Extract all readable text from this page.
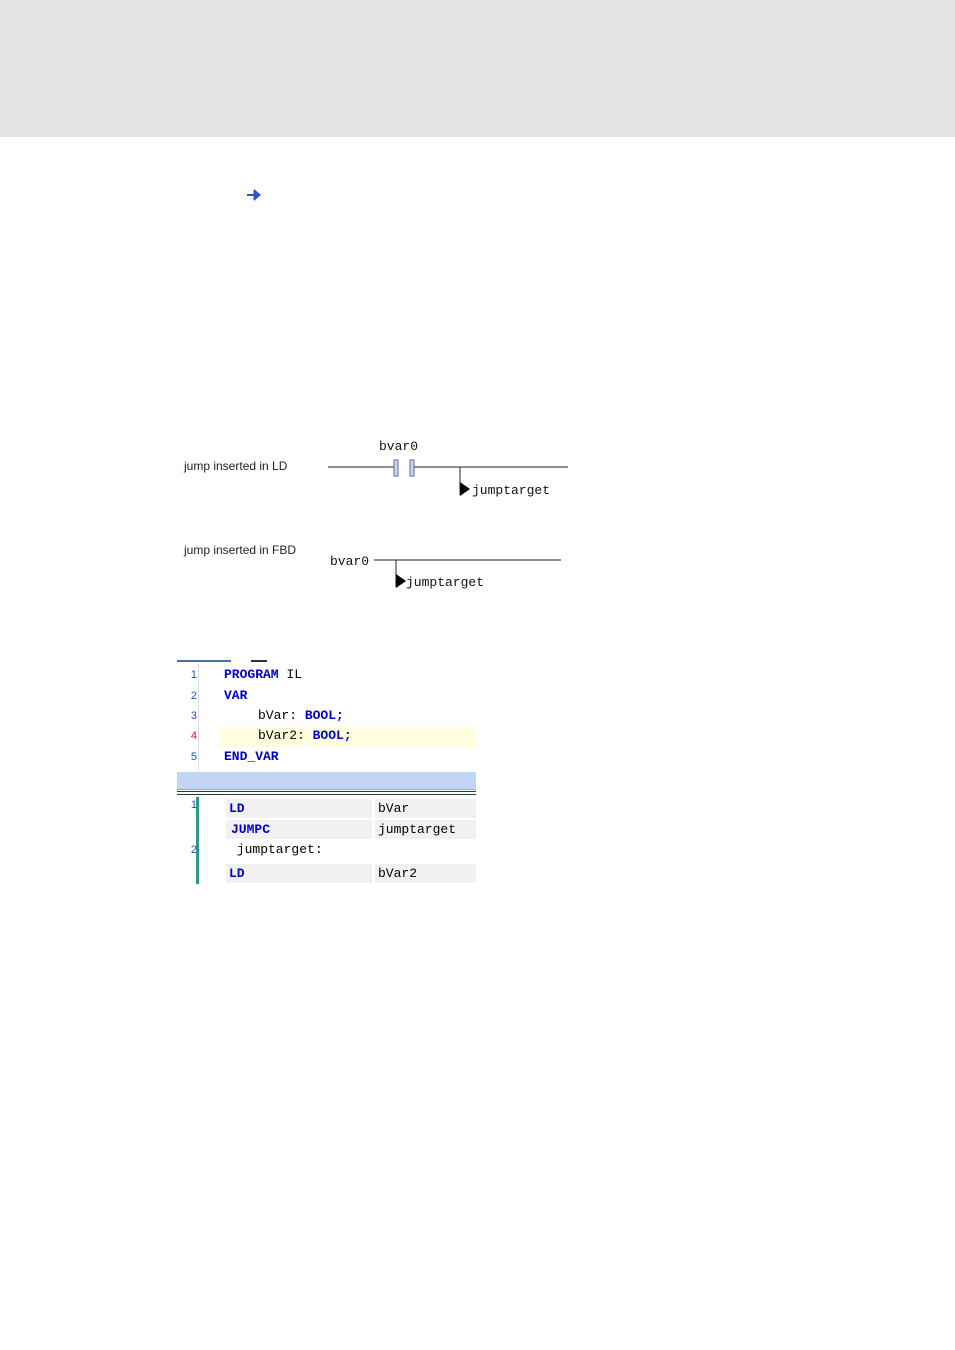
jump inserted in LD
bvar0
jumptarget
jump inserted in FBD
bvar0
jumptarget
1 PROGRAM IL
2 VAR
3	bVar: BOOL;
4	bVar2: BOOL;
5 END_VAR
1 LD	bVar
JUMPC	jumptarget
2 jumptarget:
LD	bVar2
